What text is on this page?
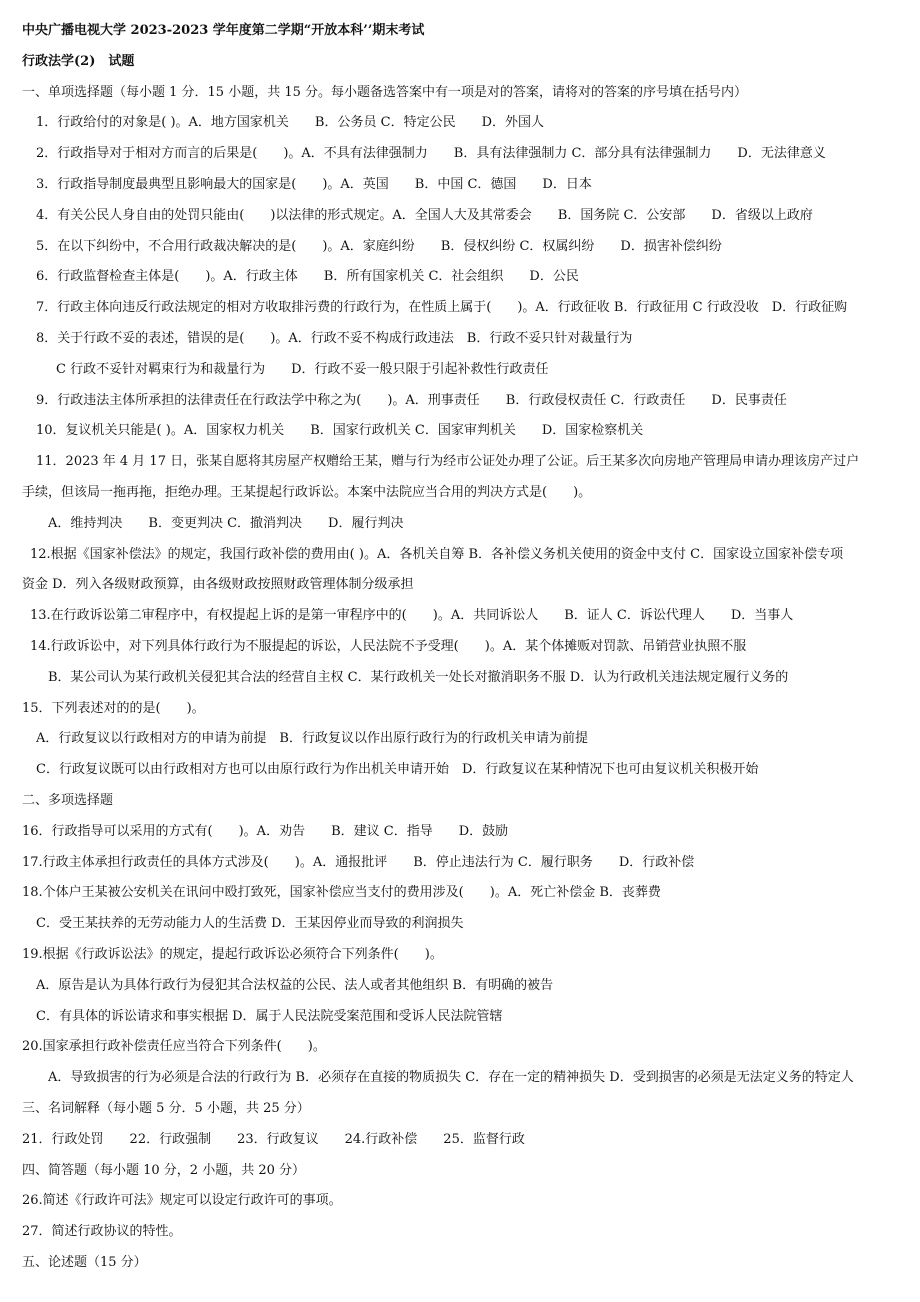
中央广播电视大学 2023-2023 学年度第二学期“开放本科’’期末考试
行政法学(2)　试题
一、单项选择题（每小题 1 分．15 小题，共 15 分。每小题备选答案中有一项是对的答案，请将对的答案的序号填在括号内）
1．行政给付的对象是( )。A．地方国家机关　　B．公务员 C．特定公民　　D．外国人
2．行政指导对于相对方而言的后果是(　　)。A．不具有法律强制力　　B．具有法律强制力 C．部分具有法律强制力　　D．无法律意义
3．行政指导制度最典型且影响最大的国家是(　　)。A．英国　　B．中国 C．德国　　D．日本
4．有关公民人身自由的处罚只能由(　　)以法律的形式规定。A．全国人大及其常委会　　B．国务院 C．公安部　　D．省级以上政府
5．在以下纠纷中，不合用行政裁决解决的是(　　)。A．家庭纠纷　　B．侵权纠纷 C．权属纠纷　　D．损害补偿纠纷
6．行政监督检查主体是(　　)。A．行政主体　　B．所有国家机关 C．社会组织　　D．公民
7．行政主体向违反行政法规定的相对方收取排污费的行政行为，在性质上属于(　　)。A．行政征收 B．行政征用 C 行政没收　D．行政征购
8．关于行政不妥的表述，错误的是(　　)。A．行政不妥不构成行政违法　B．行政不妥只针对裁量行为
C 行政不妥针对羁束行为和裁量行为　　D．行政不妥一般只限于引起补救性行政责任
9．行政违法主体所承担的法律责任在行政法学中称之为(　　)。A．刑事责任　　B．行政侵权责任 C．行政责任　　D．民事责任
10．复议机关只能是( )。A．国家权力机关　　B．国家行政机关 C．国家审判机关　　D．国家检察机关
11．2023 年 4 月 17 日，张某自愿将其房屋产权赠给王某，赠与行为经市公证处办理了公证。后王某多次向房地产管理局申请办理该房产过户
手续，但该局一拖再拖，拒绝办理。王某提起行政诉讼。本案中法院应当合用的判决方式是(　　)。
A．维持判决　　B．变更判决 C．撤消判决　　D．履行判决
12.根据《国家补偿法》的规定，我国行政补偿的费用由( )。A．各机关自筹 B．各补偿义务机关使用的资金中支付 C．国家设立国家补偿专项
资金 D．列入各级财政预算，由各级财政按照财政管理体制分级承担
13.在行政诉讼第二审程序中，有权提起上诉的是第一审程序中的(　　)。A．共同诉讼人　　B．证人 C．诉讼代理人　　D．当事人
14.行政诉讼中，对下列具体行政行为不服提起的诉讼，人民法院不予受理(　　)。A．某个体摊贩对罚款、吊销营业执照不服
B．某公司认为某行政机关侵犯其合法的经营自主权 C．某行政机关一处长对撤消职务不服 D．认为行政机关违法规定履行义务的
15．下列表述对的的是(　　)。
A．行政复议以行政相对方的申请为前提　B．行政复议以作出原行政行为的行政机关申请为前提
C．行政复议既可以由行政相对方也可以由原行政行为作出机关申请开始　D．行政复议在某种情况下也可由复议机关积极开始
二、多项选择题
16．行政指导可以采用的方式有(　　)。A．劝告　　B．建议 C．指导　　D．鼓励
17.行政主体承担行政责任的具体方式涉及(　　)。A．通报批评　　B．停止违法行为 C．履行职务　　D．行政补偿
18.个体户王某被公安机关在讯问中殴打致死，国家补偿应当支付的费用涉及(　　)。A．死亡补偿金 B．丧葬费
C．受王某扶养的无劳动能力人的生活费 D．王某因停业而导致的利润损失
19.根据《行政诉讼法》的规定，提起行政诉讼必须符合下列条件(　　)。
A．原告是认为具体行政行为侵犯其合法权益的公民、法人或者其他组织 B．有明确的被告
C．有具体的诉讼请求和事实根据 D．属于人民法院受案范围和受诉人民法院管辖
20.国家承担行政补偿责任应当符合下列条件(　　)。
A．导致损害的行为必须是合法的行政行为 B．必须存在直接的物质损失 C．存在一定的精神损失 D．受到损害的必须是无法定义务的特定人
三、名词解释（每小题 5 分．5 小题，共 25 分）
21．行政处罚　　22．行政强制　　23．行政复议　　24.行政补偿　　25．监督行政
四、简答题（每小题 10 分，2 小题，共 20 分）
26.简述《行政许可法》规定可以设定行政许可的事项。
27．简述行政协议的特性。
五、论述题（15 分）
